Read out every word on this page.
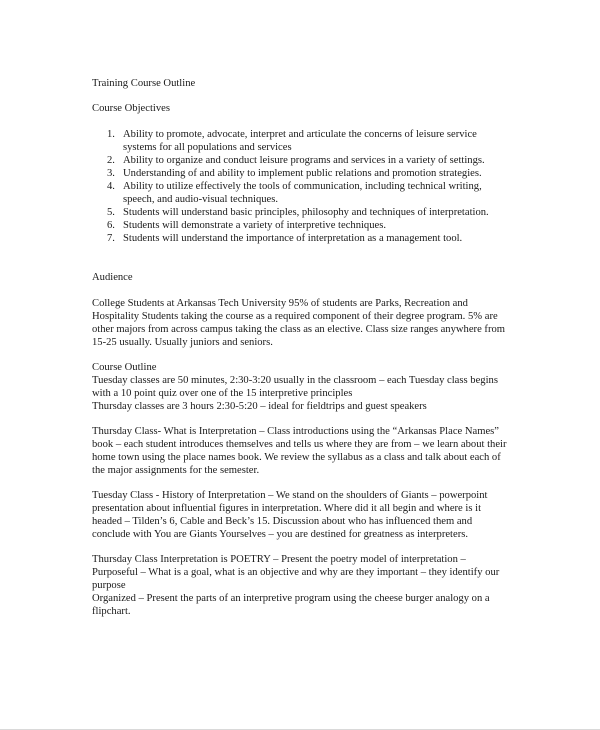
Training Course Outline

Course Objectives

1. Ability to promote, advocate, interpret and articulate the concerns of leisure service systems for all populations and services
2. Ability to organize and conduct leisure programs and services in a variety of settings.
3. Understanding of and ability to implement public relations and promotion strategies.
4. Ability to utilize effectively the tools of communication, including technical writing, speech, and audio-visual techniques.
5. Students will understand basic principles, philosophy and techniques of interpretation.
6. Students will demonstrate a variety of interpretive techniques.
7. Students will understand the importance of interpretation as a management tool.

Audience

College Students at Arkansas Tech University 95% of students are Parks, Recreation and Hospitality Students taking the course as a required component of their degree program. 5% are other majors from across campus taking the class as an elective. Class size ranges anywhere from 15-25 usually. Usually juniors and seniors.

Course Outline

Tuesday classes are 50 minutes, 2:30-3:20 usually in the classroom – each Tuesday class begins with a 10 point quiz over one of the 15 interpretive principles

Thursday classes are 3 hours 2:30-5:20 – ideal for fieldtrips and guest speakers

Thursday Class- What is Interpretation – Class introductions using the “Arkansas Place Names” book – each student introduces themselves and tells us where they are from – we learn about their home town using the place names book. We review the syllabus as a class and talk about each of the major assignments for the semester.

Tuesday Class - History of Interpretation – We stand on the shoulders of Giants – powerpoint presentation about influential figures in interpretation. Where did it all begin and where is it headed – Tilden’s 6, Cable and Beck’s 15. Discussion about who has influenced them and conclude with You are Giants Yourselves – you are destined for greatness as interpreters.

Thursday Class Interpretation is POETRY – Present the poetry model of interpretation – Purposeful – What is a goal, what is an objective and why are they important – they identify our purpose

Organized – Present the parts of an interpretive program using the cheese burger analogy on a flipchart.
